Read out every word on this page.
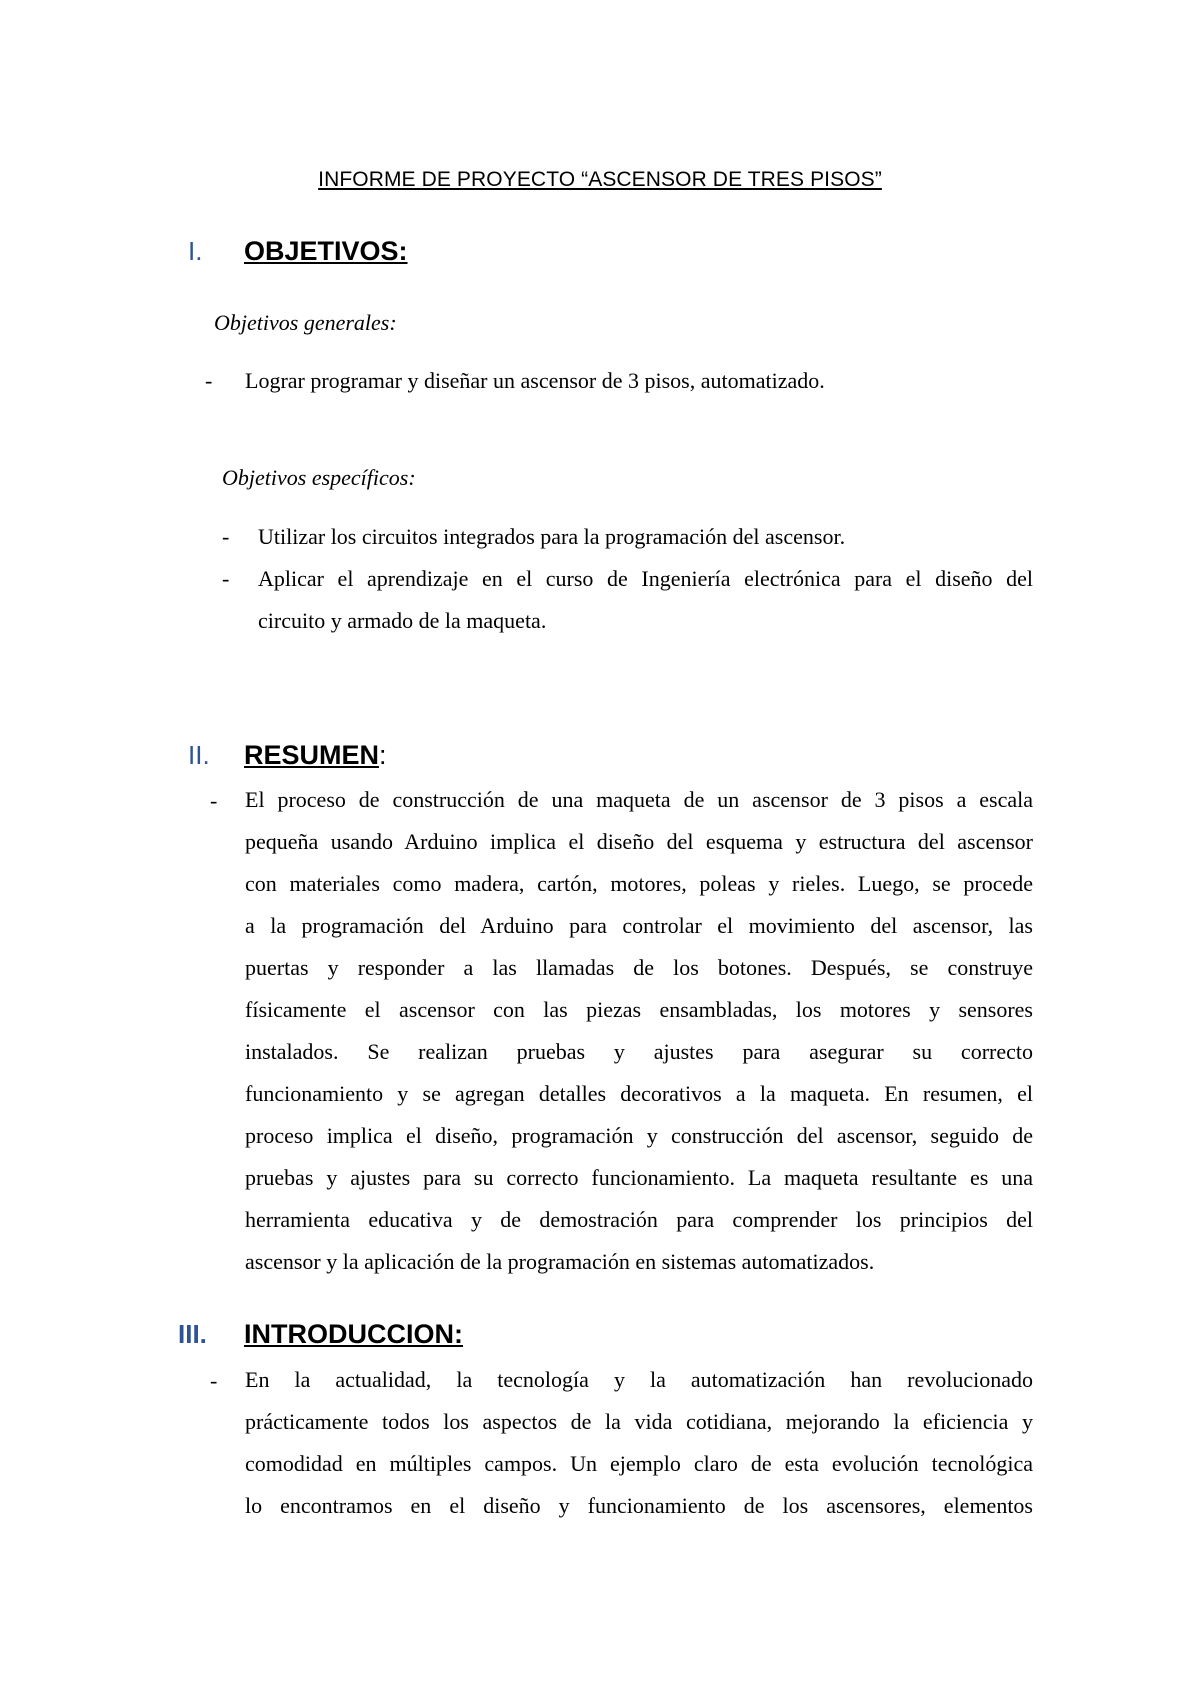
INFORME DE PROYECTO “ASCENSOR DE TRES PISOS”
I.	OBJETIVOS:
Objetivos generales:
- Lograr programar y diseñar un ascensor de 3 pisos, automatizado.
Objetivos específicos:
- Utilizar los circuitos integrados para la programación del ascensor.
- Aplicar el aprendizaje en el curso de Ingeniería electrónica para el diseño del
circuito y armado de la maqueta.
II.	RESUMEN :
- El proceso de construcción de una maqueta de un ascensor de 3 pisos a escala
pequeña usando Arduino implica el diseño del esquema y estructura del ascensor
con materiales como madera, cartón, motores, poleas y rieles. Luego, se procede
a la programación del Arduino para controlar el movimiento del ascensor, las
puertas y responder a las llamadas de los botones. Después, se construye
físicamente el ascensor con las piezas ensambladas, los motores y sensores
instalados. Se realizan pruebas y ajustes para asegurar su correcto
funcionamiento y se agregan detalles decorativos a la maqueta. En resumen, el
proceso implica el diseño, programación y construcción del ascensor, seguido de
pruebas y ajustes para su correcto funcionamiento. La maqueta resultante es una
herramienta educativa y de demostración para comprender los principios del
ascensor y la aplicación de la programación en sistemas automatizados.
III.	INTRODUCCION:
- En la actualidad, la tecnología y la automatización han revolucionado
prácticamente todos los aspectos de la vida cotidiana, mejorando la eficiencia y
comodidad en múltiples campos. Un ejemplo claro de esta evolución tecnológica
lo encontramos en el diseño y funcionamiento de los ascensores, elementos
